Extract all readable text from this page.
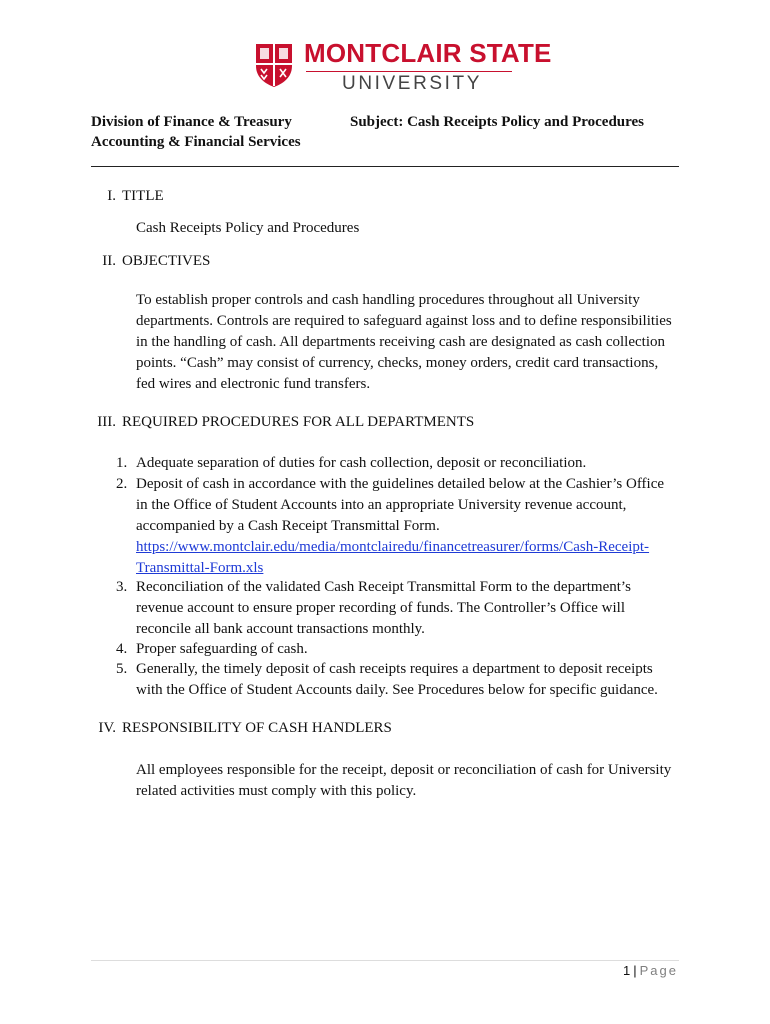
MONTCLAIR STATE
UNIVERSITY
Division of Finance & Treasury
Accounting & Financial Services
Subject: Cash Receipts Policy and Procedures
I. TITLE
Cash Receipts Policy and Procedures
II. OBJECTIVES
To establish proper controls and cash handling procedures throughout all University
departments. Controls are required to safeguard against loss and to define responsibilities
in the handling of cash. All departments receiving cash are designated as cash collection
points. “Cash” may consist of currency, checks, money orders, credit card transactions,
fed wires and electronic fund transfers.
III. REQUIRED PROCEDURES FOR ALL DEPARTMENTS
1. Adequate separation of duties for cash collection, deposit or reconciliation.
2. Deposit of cash in accordance with the guidelines detailed below at the Cashier’s Office
in the Office of Student Accounts into an appropriate University revenue account,
accompanied by a Cash Receipt Transmittal Form.
https://www.montclair.edu/media/montclairedu/financetreasurer/forms/Cash-Receipt-
Transmittal-Form.xls
3. Reconciliation of the validated Cash Receipt Transmittal Form to the department’s
revenue account to ensure proper recording of funds. The Controller’s Office will
reconcile all bank account transactions monthly.
4. Proper safeguarding of cash.
5. Generally, the timely deposit of cash receipts requires a department to deposit receipts
with the Office of Student Accounts daily. See Procedures below for specific guidance.
IV. RESPONSIBILITY OF CASH HANDLERS
All employees responsible for the receipt, deposit or reconciliation of cash for University
related activities must comply with this policy.
1 | Page
